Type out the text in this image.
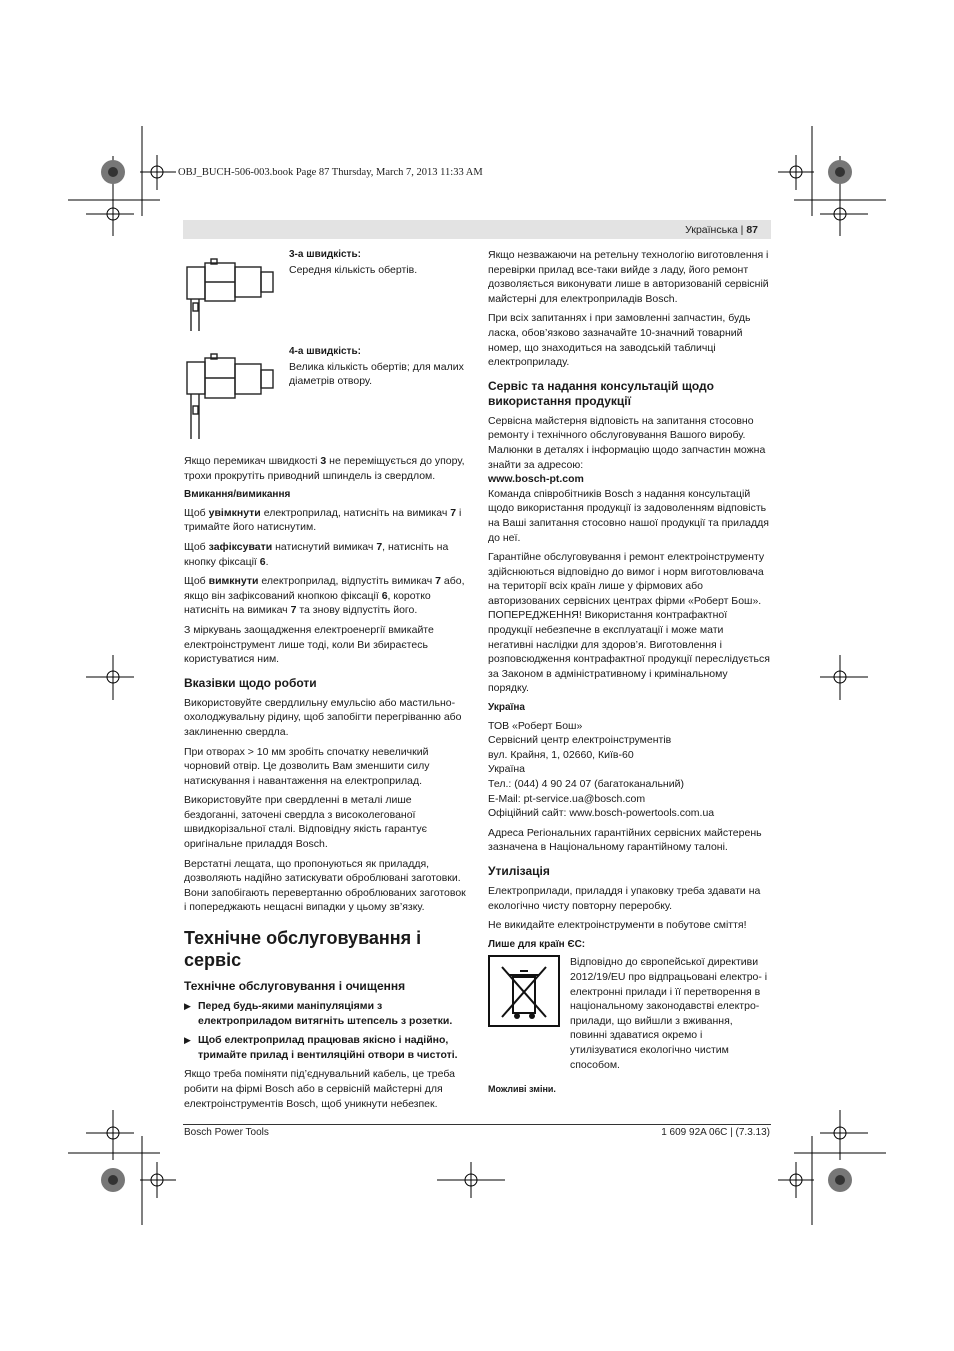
OBJ_BUCH-506-003.book Page 87 Thursday, March 7, 2013 11:33 AM
Українська | 87
3-а швидкість:
Середня кількість обертів.
4-а швидкість:
Велика кількість обертів; для малих діаметрів отвору.

Якщо перемикач швидкості 3 не переміщується до упору, трохи прокрутіть приводний шпиндель із свердлом.

Вмикання/вимикання

Щоб увімкнути електроприлад, натисніть на вимикач 7 і тримайте його натиснутим.

Щоб зафіксувати натиснутий вимикач 7, натисніть на кнопку фіксації 6.

Щоб вимкнути електроприлад, відпустіть вимикач 7 або, якщо він зафіксований кнопкою фіксації 6, коротко натисніть на вимикач 7 та знову відпустіть його.

З міркувань заощадження електроенергії вмикайте електроінструмент лише тоді, коли Ви збираєтесь користуватися ним.

Вказівки щодо роботи

Використовуйте свердлильну емульсію або мастильно-охолоджувальну рідину, щоб запобігти перегріванню або заклиненню свердла.

При отворах > 10 мм зробіть спочатку невеличкий чорновий отвір. Це дозволить Вам зменшити силу натискування і навантаження на електроприлад.

Використовуйте при свердленні в металі лише бездоганні, заточені свердла з високолегованої швидкорізальної сталі. Відповідну якість гарантує оригінальне приладдя Bosch.

Верстатні лещата, що пропонуються як приладдя, дозволяють надійно затискувати оброблювані заготовки. Вони запобігають перевертанню оброблюваних заготовок і попереджають нещасні випадки у цьому зв’язку.

Технічне обслуговування і сервіс
Технічне обслуговування і очищення
▶ Перед будь-якими маніпуляціями з електроприладом витягніть штепсель з розетки.
▶ Щоб електроприлад працював якісно і надійно, тримайте прилад і вентиляційні отвори в чистоті.

Якщо треба поміняти під’єднувальний кабель, це треба робити на фірмі Bosch або в сервісній майстерні для електроінструментів Bosch, щоб уникнути небезпек.

Якщо незважаючи на ретельну технологію виготовлення і перевірки прилад все-таки вийде з ладу, його ремонт дозволяється виконувати лише в авторизованій сервісній майстерні для електроприладів Bosch.

При всіх запитаннях і при замовленні запчастин, будь ласка, обов’язково зазначайте 10-значний товарний номер, що знаходиться на заводській табличці електроприладу.

Сервіс та надання консультацій щодо використання продукції

Сервісна майстерня відповість на запитання стосовно ремонту і технічного обслуговування Вашого виробу. Малюнки в деталях і інформацію щодо запчастин можна знайти за адресою:

www.bosch-pt.com

Команда співробітників Bosch з надання консультацій щодо використання продукції із задоволенням відповість на Ваші запитання стосовно нашої продукції та приладдя до неї.

Гарантійне обслуговування і ремонт електроінструменту здійснюються відповідно до вимог і норм виготовлювача на території всіх країн лише у фірмових або авторизованих сервісних центрах фірми «Роберт Бош». ПОПЕРЕДЖЕННЯ! Використання контрафактної продукції небезпечне в експлуатації і може мати негативні наслідки для здоров’я. Виготовлення і розповсюдження контрафактної продукції переслідується за Законом в адміністративному і кримінальному порядку.

Україна
ТОВ «Роберт Бош»
Сервісний центр електроінструментів
вул. Крайня, 1, 02660, Київ-60
Україна
Тел.: (044) 4 90 24 07 (багатоканальний)
E-Mail: pt-service.ua@bosch.com
Офіційний сайт: www.bosch-powertools.com.ua

Адреса Регіональних гарантійних сервісних майстерень зазначена в Національному гарантійному талоні.

Утилізація

Електроприлади, приладдя і упаковку треба здавати на екологічно чисту повторну переробку.

Не викидайте електроінструменти в побутове сміття!

Лише для країн ЄС:
Відповідно до європейської директиви 2012/19/EU про відпрацьовані електро- і електронні прилади і її перетворення в національному законодавстві електро-прилади, що вийшли з вживання, повинні здаватися окремо і утилізуватися екологічно чистим способом.
Можливі зміни.
Bosch Power Tools	1 609 92A 06C | (7.3.13)
